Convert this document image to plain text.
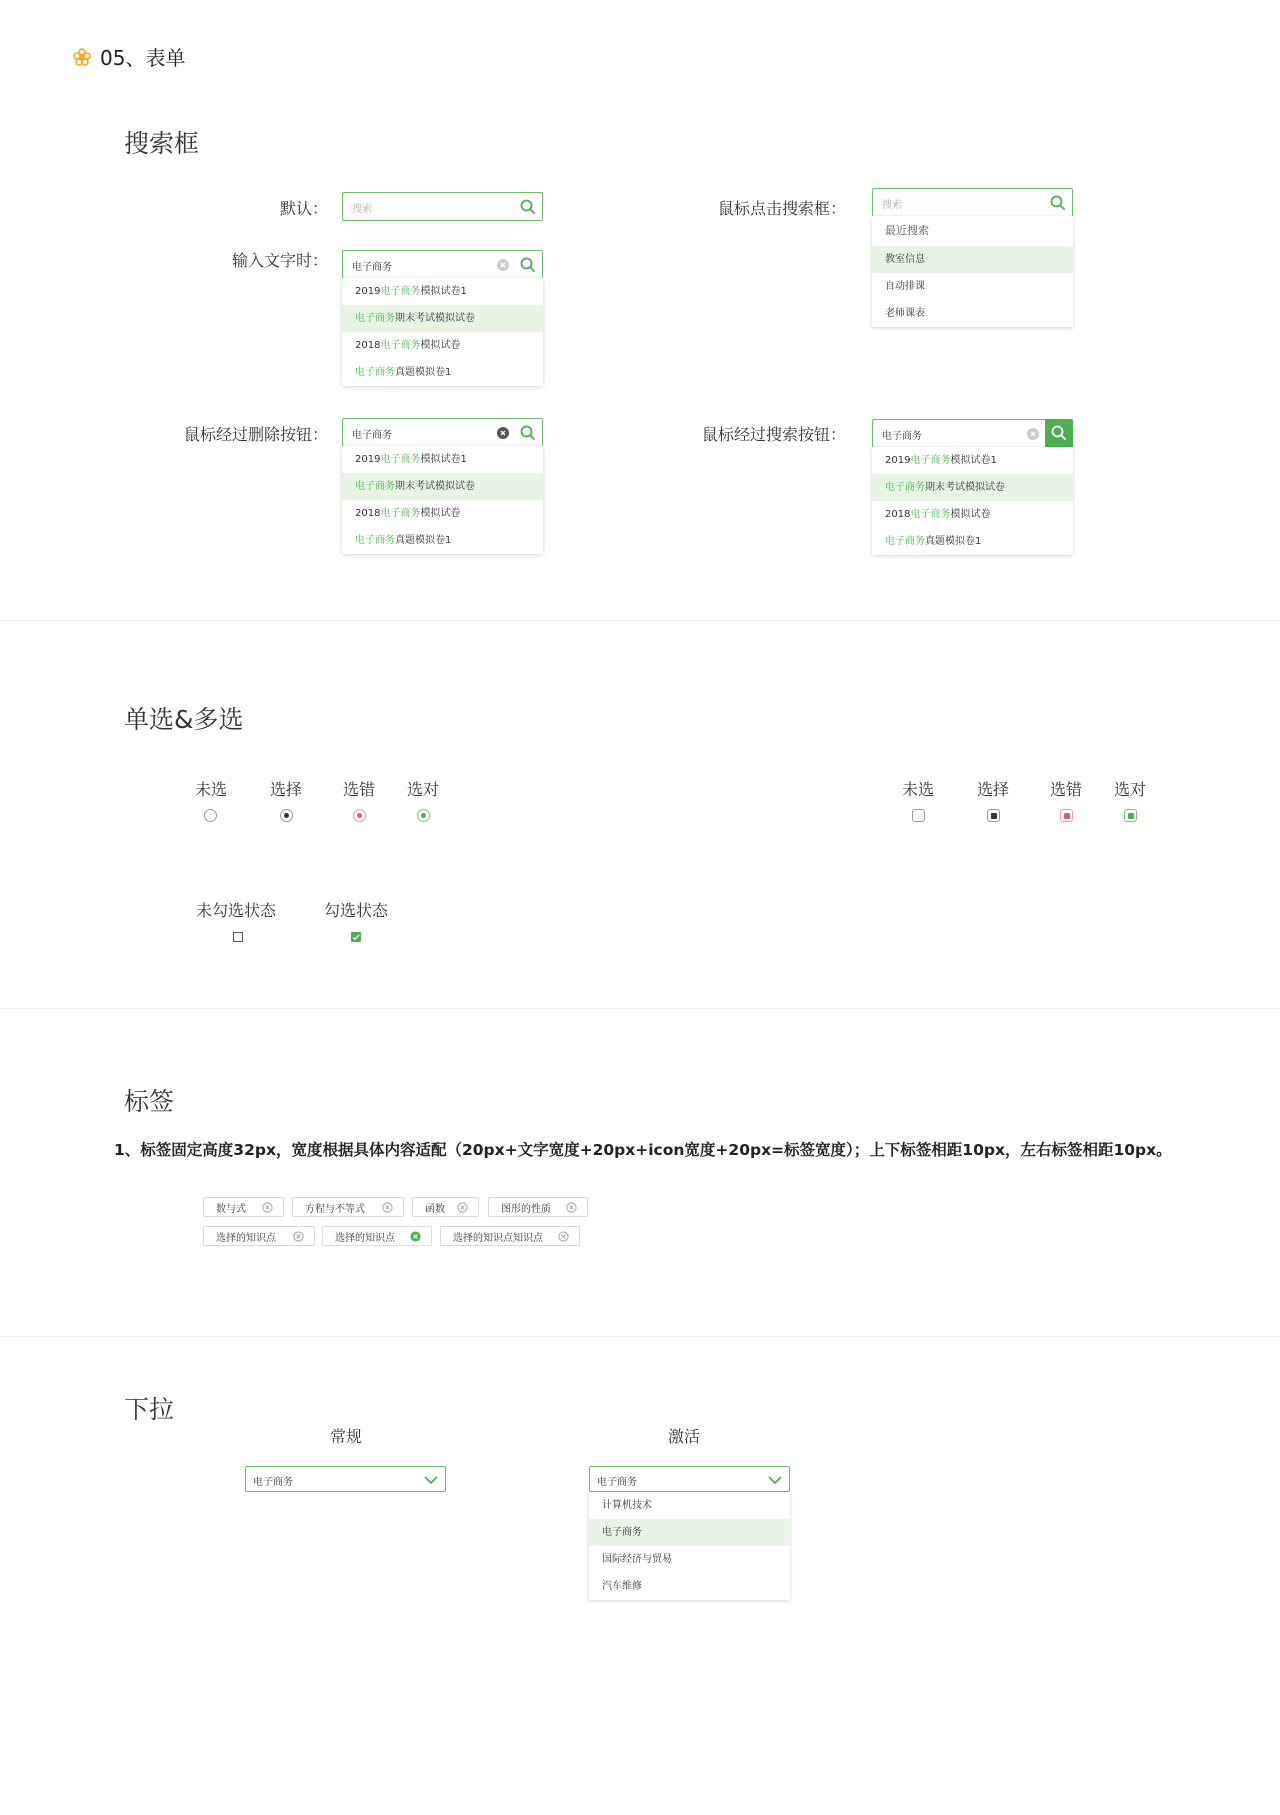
05、表单
搜索框
默认： 搜索
输入文字时： 电子商务
2019电子商务模拟试卷1
电子商务期末考试模拟试卷
2018电子商务模拟试卷
电子商务真题模拟卷1
鼠标点击搜索框：	搜索
最近搜索
教室信息
自动排课
老师课表
鼠标经过删除按钮： 电子商务
2019电子商务模拟试卷1
电子商务期末考试模拟试卷
2018电子商务模拟试卷
电子商务真题模拟卷1
鼠标经过搜索按钮：	电子商务
2019电子商务模拟试卷1
电子商务期末考试模拟试卷
2018电子商务模拟试卷
电子商务真题模拟卷1
单选&多选
未选	选择	选错	选对	未选	选择	选错	选对
未勾选状态	勾选状态
标签
1、标签固定高度32px，宽度根据具体内容适配（20px+文字宽度+20px+icon宽度+20px=标签宽度）；上下标签相距10px，左右标签相距10px。
数与式	方程与不等式	函数	图形的性质
选择的知识点	选择的知识点	选择的知识点知识点
下拉
常规
电子商务
激活
电子商务
计算机技术
电子商务
国际经济与贸易
汽车维修
